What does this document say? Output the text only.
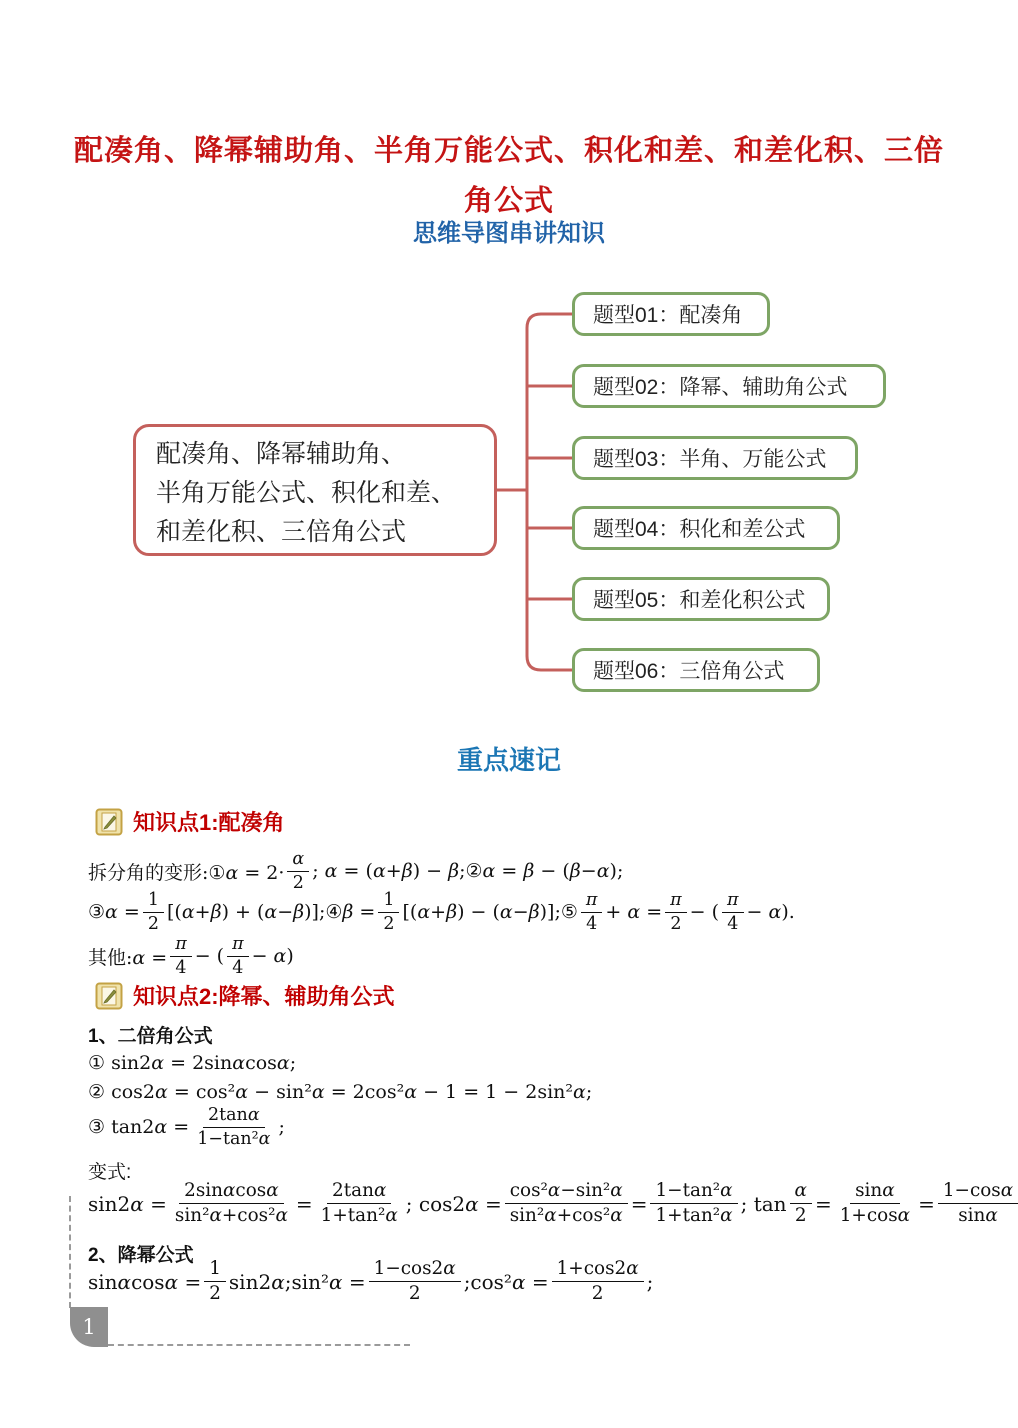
配凑角、降幂辅助角、半角万能公式、积化和差、和差化积、三倍
角公式
思维导图串讲知识
配凑角、降幂辅助角、
半角万能公式、积化和差、
和差化积、三倍角公式
题型01：配凑角
题型02：降幂、辅助角公式
题型03：半角、万能公式
题型04：积化和差公式
题型05：和差化积公式
题型06：三倍角公式
重点速记
知识点1:配凑角
拆分角的变形:①α = $2\cdot \frac{\alpha}{2}$ ; α = (α+β) − β;②α = β − (β−α);
③α = $\frac{1}{2} [(\alpha+\beta)$ + (α−β)];④β = $\frac{1}{2} [(\alpha+\beta)$ − (α−β)];⑤ $\frac{\pi}{4} + \alpha = \frac{\pi}{2}$ − ( $\frac{\pi}{4} - \alpha$).
其他:α = $\frac{\pi}{4}$ − ( $\frac{\pi}{4} - \alpha$)
知识点2:降幂、辅助角公式
1、二倍角公式
① sin2α = 2sinαcosα;
② cos2α = cos²α − sin²α = 2cos²α − 1 = 1 − 2sin²α;
③ $\tan 2\alpha = \frac{2\tan\alpha}{\text{1−tan²α}}$ ;
变式:
$\sin 2\alpha = \frac{2\sin\alpha\cos\alpha}{\text{sin²α+cos²α}} = \frac{2\tan\alpha}{\text{1+tan²α}}$ ; $\cos 2\alpha = \frac{\text{cos²α−sin²α}}{\text{sin²α+cos²α}} = \frac{\text{1−tan²α}}{\text{1+tan²α}}$ ; $\tan \frac{\alpha}{2} = \frac{\sin\alpha}{1+\cos\alpha} = \frac{1-\cos\alpha}{\sin\alpha}$
2、降幂公式
$\sin\alpha\cos\alpha = \frac{1}{2}$ sin2α;sin²α = $\frac{1-\cos 2\alpha}{2}$ ;cos²α = $\frac{1+\cos 2\alpha}{2}$ ;
1
